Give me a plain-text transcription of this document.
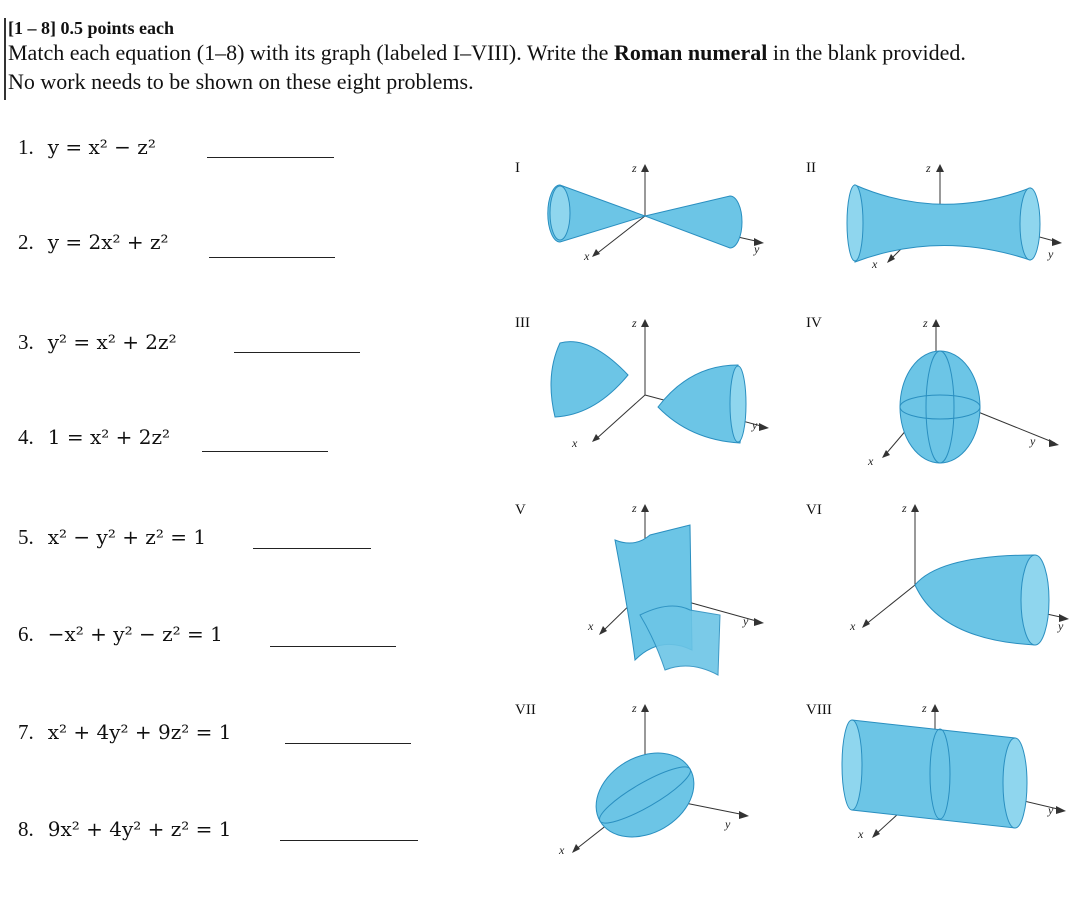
[1 – 8] 0.5 points each
Match each equation (1–8) with its graph (labeled I–VIII). Write the Roman numeral in the blank provided.
No work needs to be shown on these eight problems.
1. y = x² − z²
2. y = 2x² + z²
3. y² = x² + 2z²
4. 1 = x² + 2z²
5. x² − y² + z² = 1
6. −x² + y² − z² = 1
7. x² + 4y² + 9z² = 1
8. 9x² + 4y² + z² = 1
I	II
III	IV
V	VI
VII	VIII
z
y
x
z
y
x
z
y
x
z
y
x
z
y
x
z
y
x
z
y
x
z
y
x
